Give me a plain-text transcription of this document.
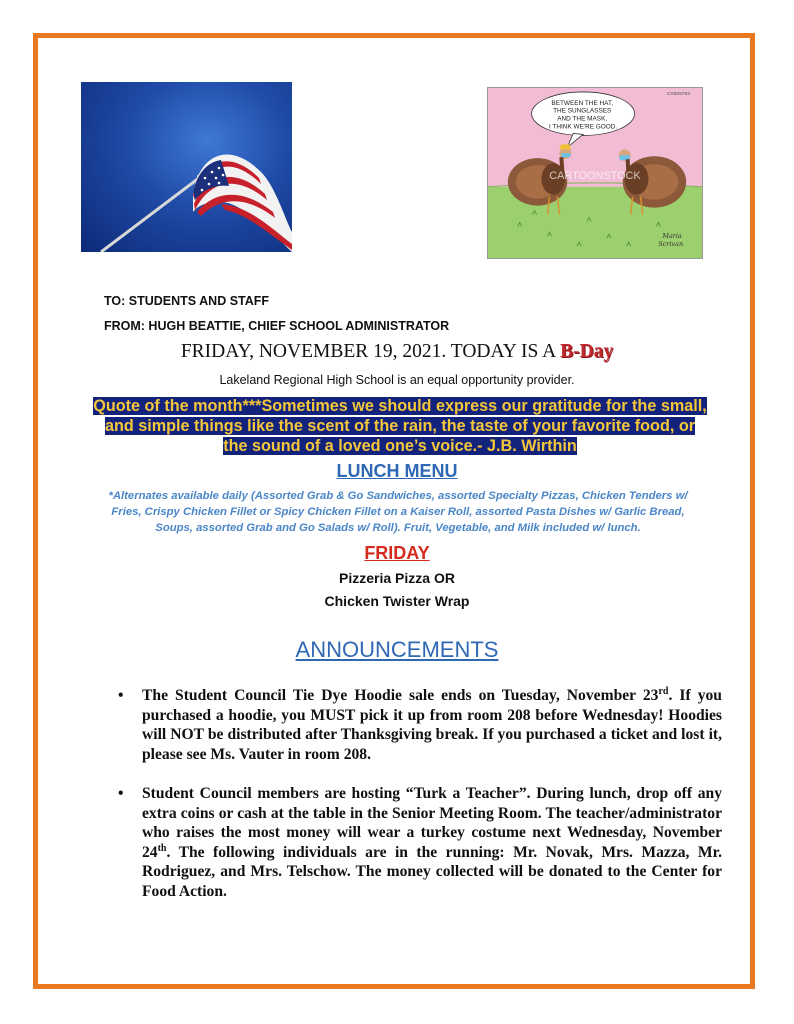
CX909783
BETWEEN THE HAT, THE SUNGLASSES AND THE MASK, I THINK WE'RE GOOD.
CARTOONSTOCK
Maria Scrivan
TO: STUDENTS AND STAFF
FROM: HUGH BEATTIE, CHIEF SCHOOL ADMINISTRATOR
FRIDAY, NOVEMBER 19, 2021. TODAY IS A B-Day
Lakeland Regional High School is an equal opportunity provider.
Quote of the month***Sometimes we should express our gratitude for the small, and simple things like the scent of the rain, the taste of your favorite food, or the sound of a loved one’s voice.- J.B. Wirthin
LUNCH MENU
*Alternates available daily (Assorted Grab & Go Sandwiches, assorted Specialty Pizzas, Chicken Tenders w/ Fries, Crispy Chicken Fillet or Spicy Chicken Fillet on a Kaiser Roll, assorted Pasta Dishes w/ Garlic Bread, Soups, assorted Grab and Go Salads w/ Roll). Fruit, Vegetable, and Milk included w/ lunch.
FRIDAY
Pizzeria Pizza OR
Chicken Twister Wrap
ANNOUNCEMENTS
• The Student Council Tie Dye Hoodie sale ends on Tuesday, November 23rd. If you purchased a hoodie, you MUST pick it up from room 208 before Wednesday! Hoodies will NOT be distributed after Thanksgiving break. If you purchased a ticket and lost it, please see Ms. Vauter in room 208.
• Student Council members are hosting “Turk a Teacher”. During lunch, drop off any extra coins or cash at the table in the Senior Meeting Room. The teacher/administrator who raises the most money will wear a turkey costume next Wednesday, November 24th. The following individuals are in the running: Mr. Novak, Mrs. Mazza, Mr. Rodriguez, and Mrs. Telschow. The money collected will be donated to the Center for Food Action.
